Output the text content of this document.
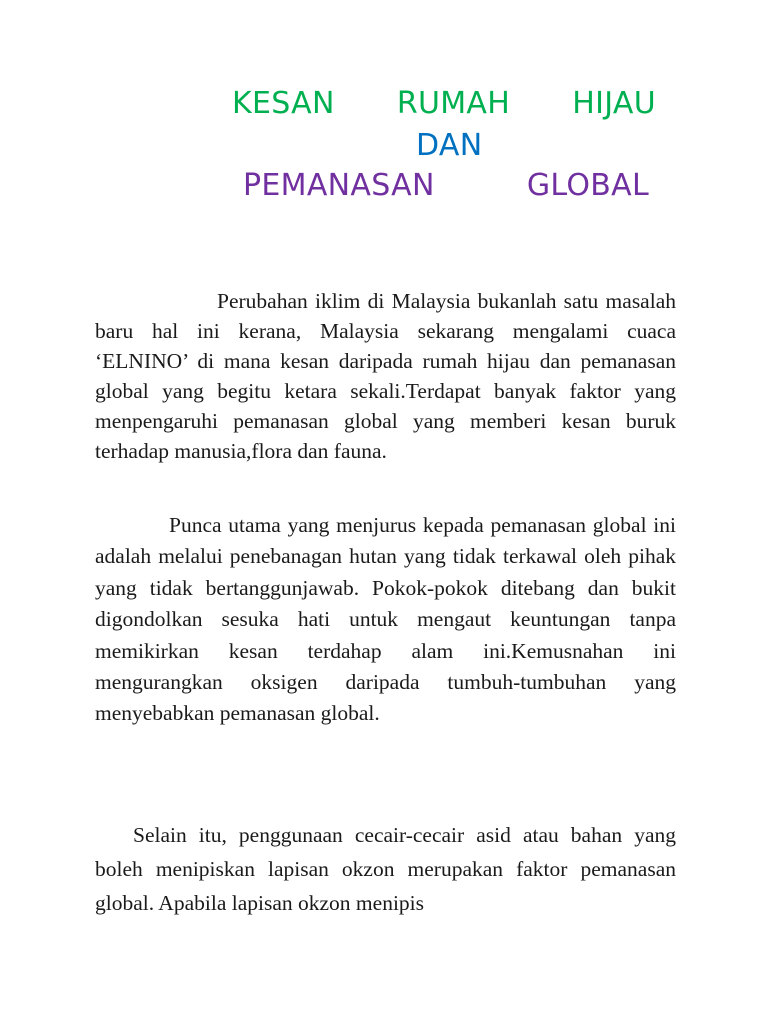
KESAN RUMAH HIJAU
DAN
PEMANASAN	GLOBAL

Perubahan iklim di Malaysia bukanlah satu masalah baru hal ini kerana, Malaysia sekarang mengalami cuaca ‘ELNINO’ di mana kesan daripada rumah hijau dan pemanasan global yang begitu ketara sekali.Terdapat banyak faktor yang menpengaruhi pemanasan global yang memberi kesan buruk terhadap manusia,flora dan fauna.

Punca utama yang menjurus kepada pemanasan global ini adalah melalui penebanagan hutan yang tidak terkawal oleh pihak yang tidak bertanggunjawab. Pokok-pokok ditebang dan bukit digondolkan sesuka hati untuk mengaut keuntungan tanpa memikirkan kesan terdahap alam ini.Kemusnahan ini mengurangkan oksigen daripada tumbuh-tumbuhan yang menyebabkan pemanasan global.

Selain itu, penggunaan cecair-cecair asid atau bahan yang boleh menipiskan lapisan okzon merupakan faktor pemanasan global. Apabila lapisan okzon menipis
